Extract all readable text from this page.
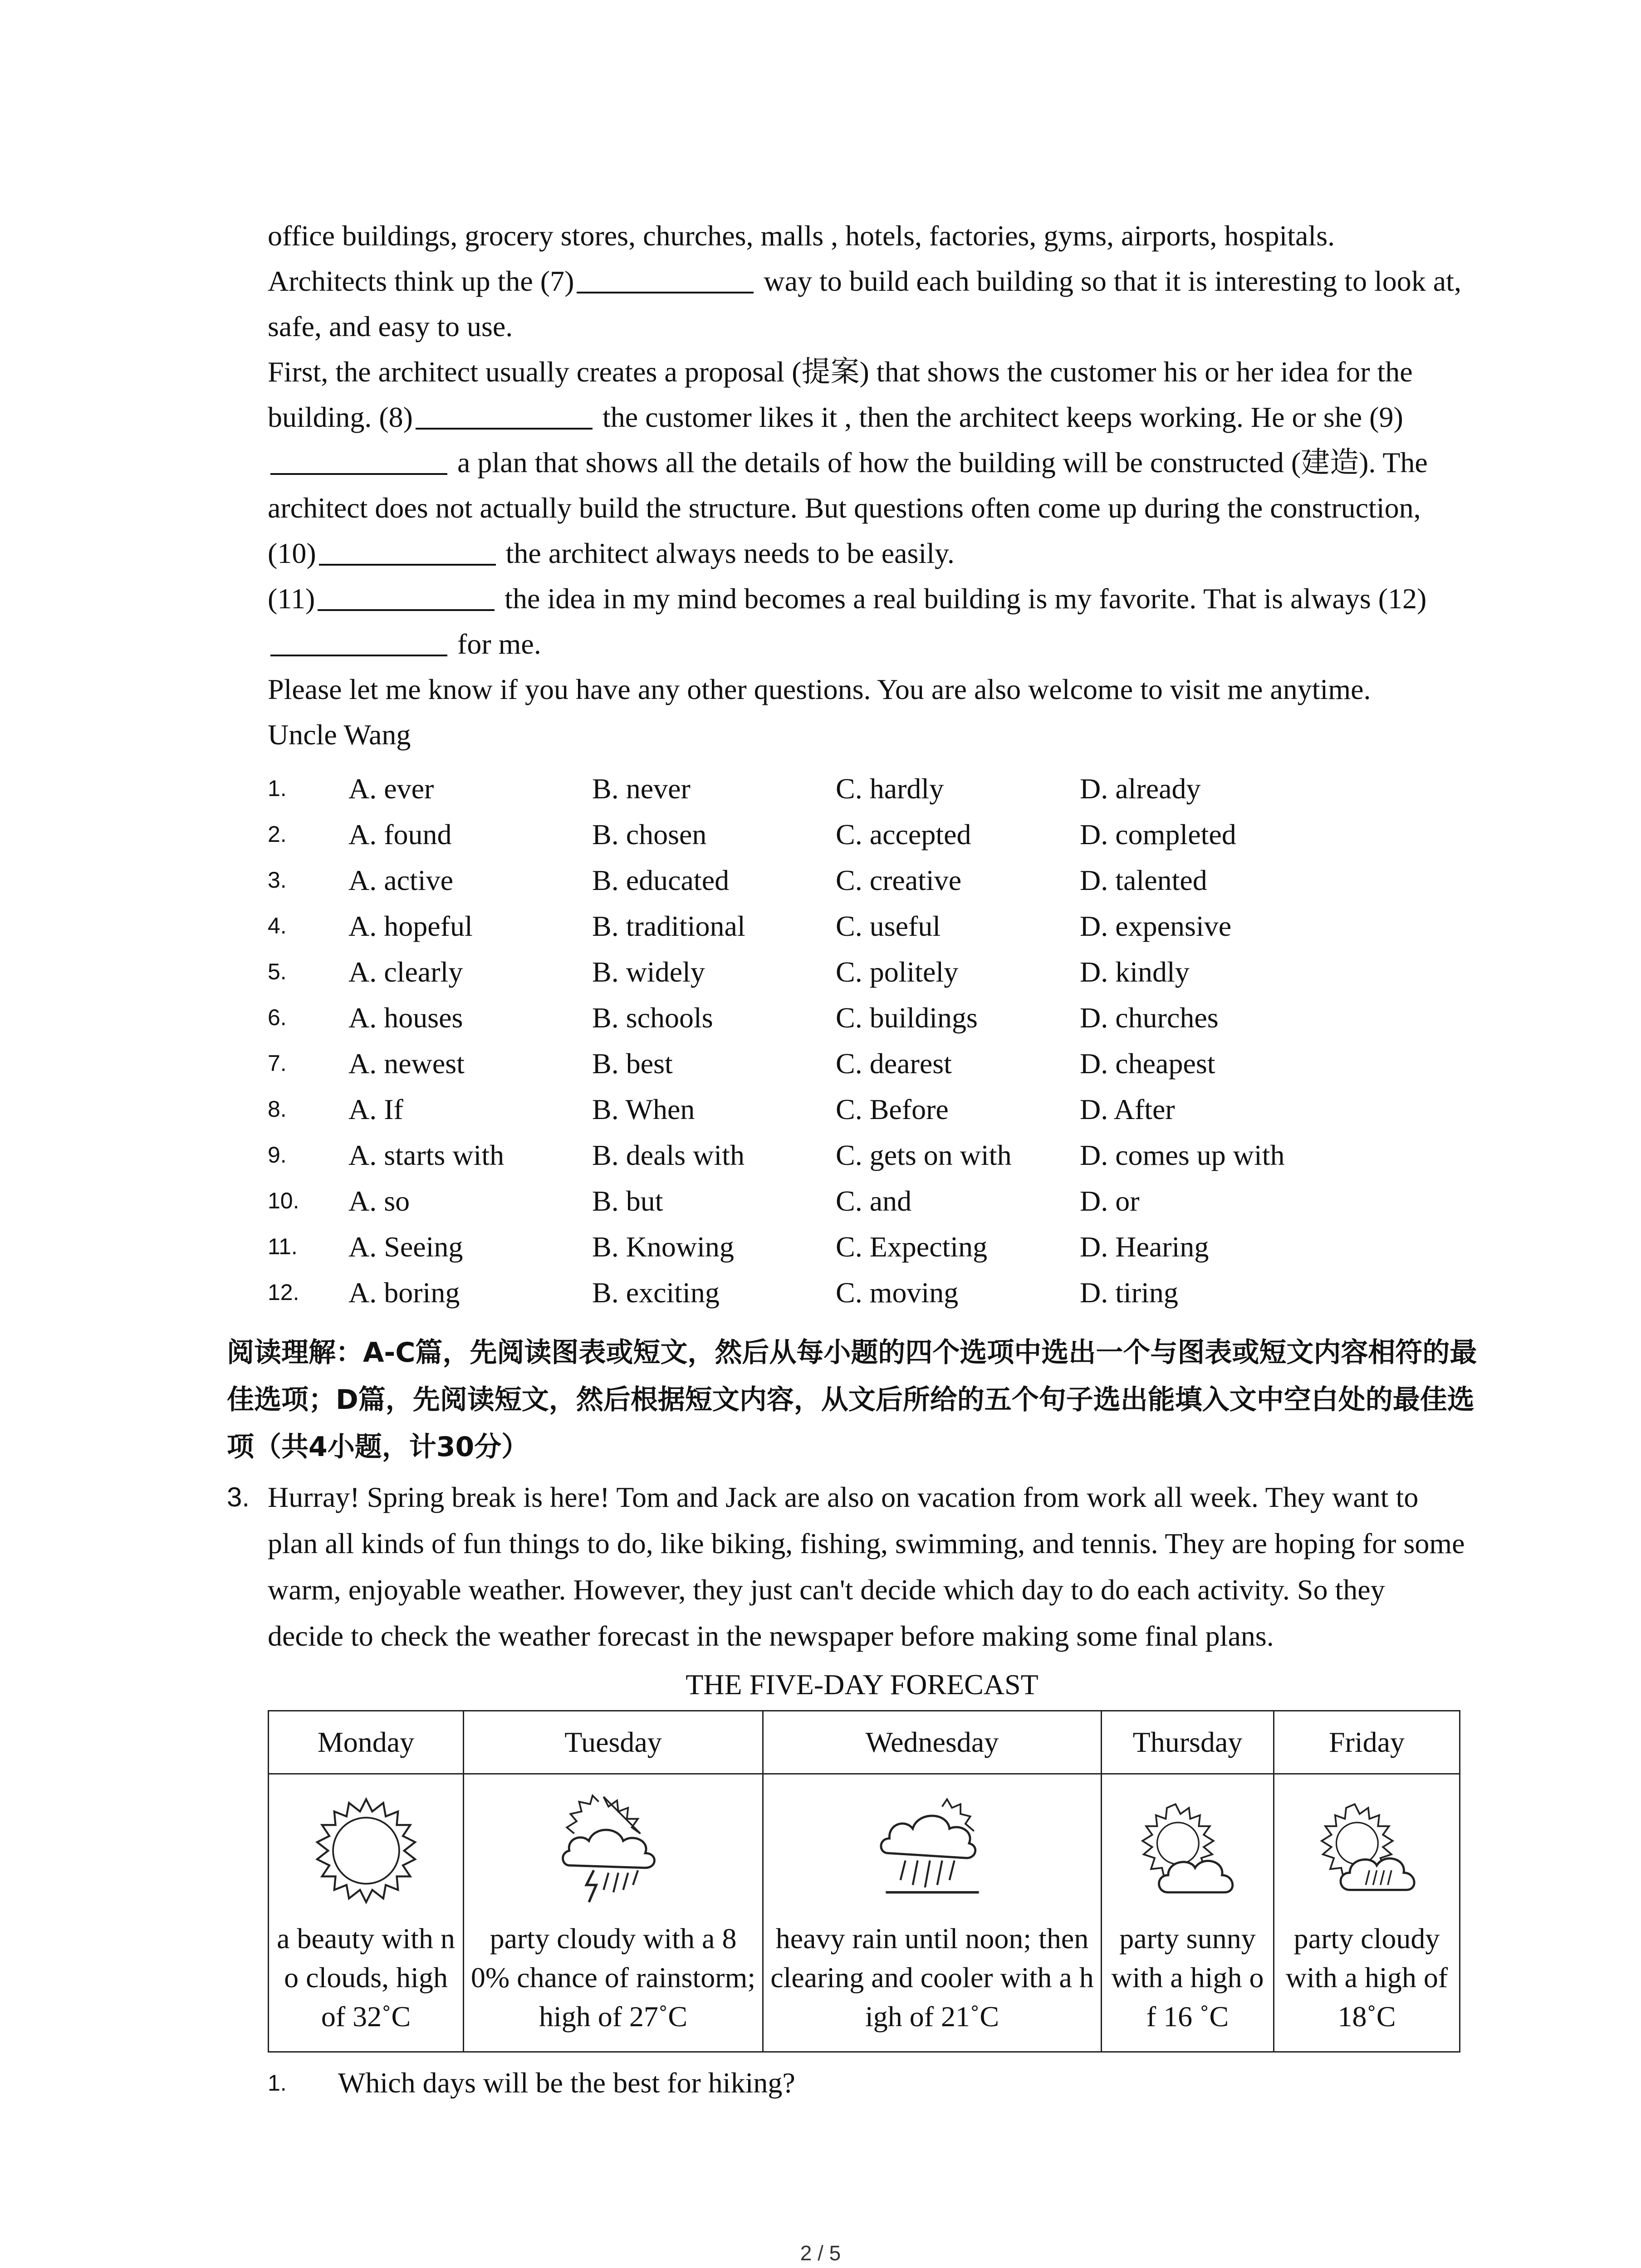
office buildings, grocery stores, churches, malls , hotels, factories, gyms, airports, hospitals.

Architects think up the (7)	way to build each building so that it is interesting to look at, safe, and easy to use.

First, the architect usually creates a proposal (提案) that shows the customer his or her idea for the building. (8)	the customer likes it , then the architect keeps working. He or she (9) a plan that shows all the details of how the building will be constructed (建造). The architect does not actually build the structure. But questions often come up during the construction, (10)	the architect always needs to be easily.

(11)	the idea in my mind becomes a real building is my favorite. That is always (12) for me.

Please let me know if you have any other questions. You are also welcome to visit me anytime.

Uncle Wang

1. A. ever	B. never	C. hardly	D. already
2. A. found	B. chosen	C. accepted	D. completed
3. A. active	B. educated	C. creative	D. talented
4. A. hopeful	B. traditional	C. useful	D. expensive
5. A. clearly	B. widely	C. politely	D. kindly
6. A. houses	B. schools	C. buildings	D. churches
7. A. newest	B. best	C. dearest	D. cheapest
8. A. If	B. When	C. Before	D. After
9. A. starts with	B. deals with	C. gets on with D. comes up with
10. A. so	B. but	C. and	D. or
11. A. Seeing	B. Knowing	C. Expecting	D. Hearing
12. A. boring	B. exciting	C. moving	D. tiring
阅读理解：A-C篇，先阅读图表或短文，然后从每小题的四个选项中选出一个与图表或短文内容相符的最佳选项；D篇，先阅读短文，然后根据短文内容，从文后所给的五个句子选出能填入文中空白处的最佳选项（共4小题，计30分）
3. Hurray! Spring break is here! Tom and Jack are also on vacation from work all week. They want to plan all kinds of fun things to do, like biking, fishing, swimming, and tennis. They are hoping for some warm, enjoyable weather. However, they just can't decide which day to do each activity. So they decide to check the weather forecast in the newspaper before making some final plans.
THE FIVE-DAY FORECAST
Monday	Tuesday	Wednesday	Thursday	Friday

a beauty with no clouds, high of 32˚C	party cloudy with a 80% chance of rainstorm; high of 27˚C	heavy rain until noon; then clearing and cooler with a high of 21˚C	party sunny with a high of 16 ˚C	party cloudy with a high of 18˚C
1.	Which days will be the best for hiking?
2 / 5
